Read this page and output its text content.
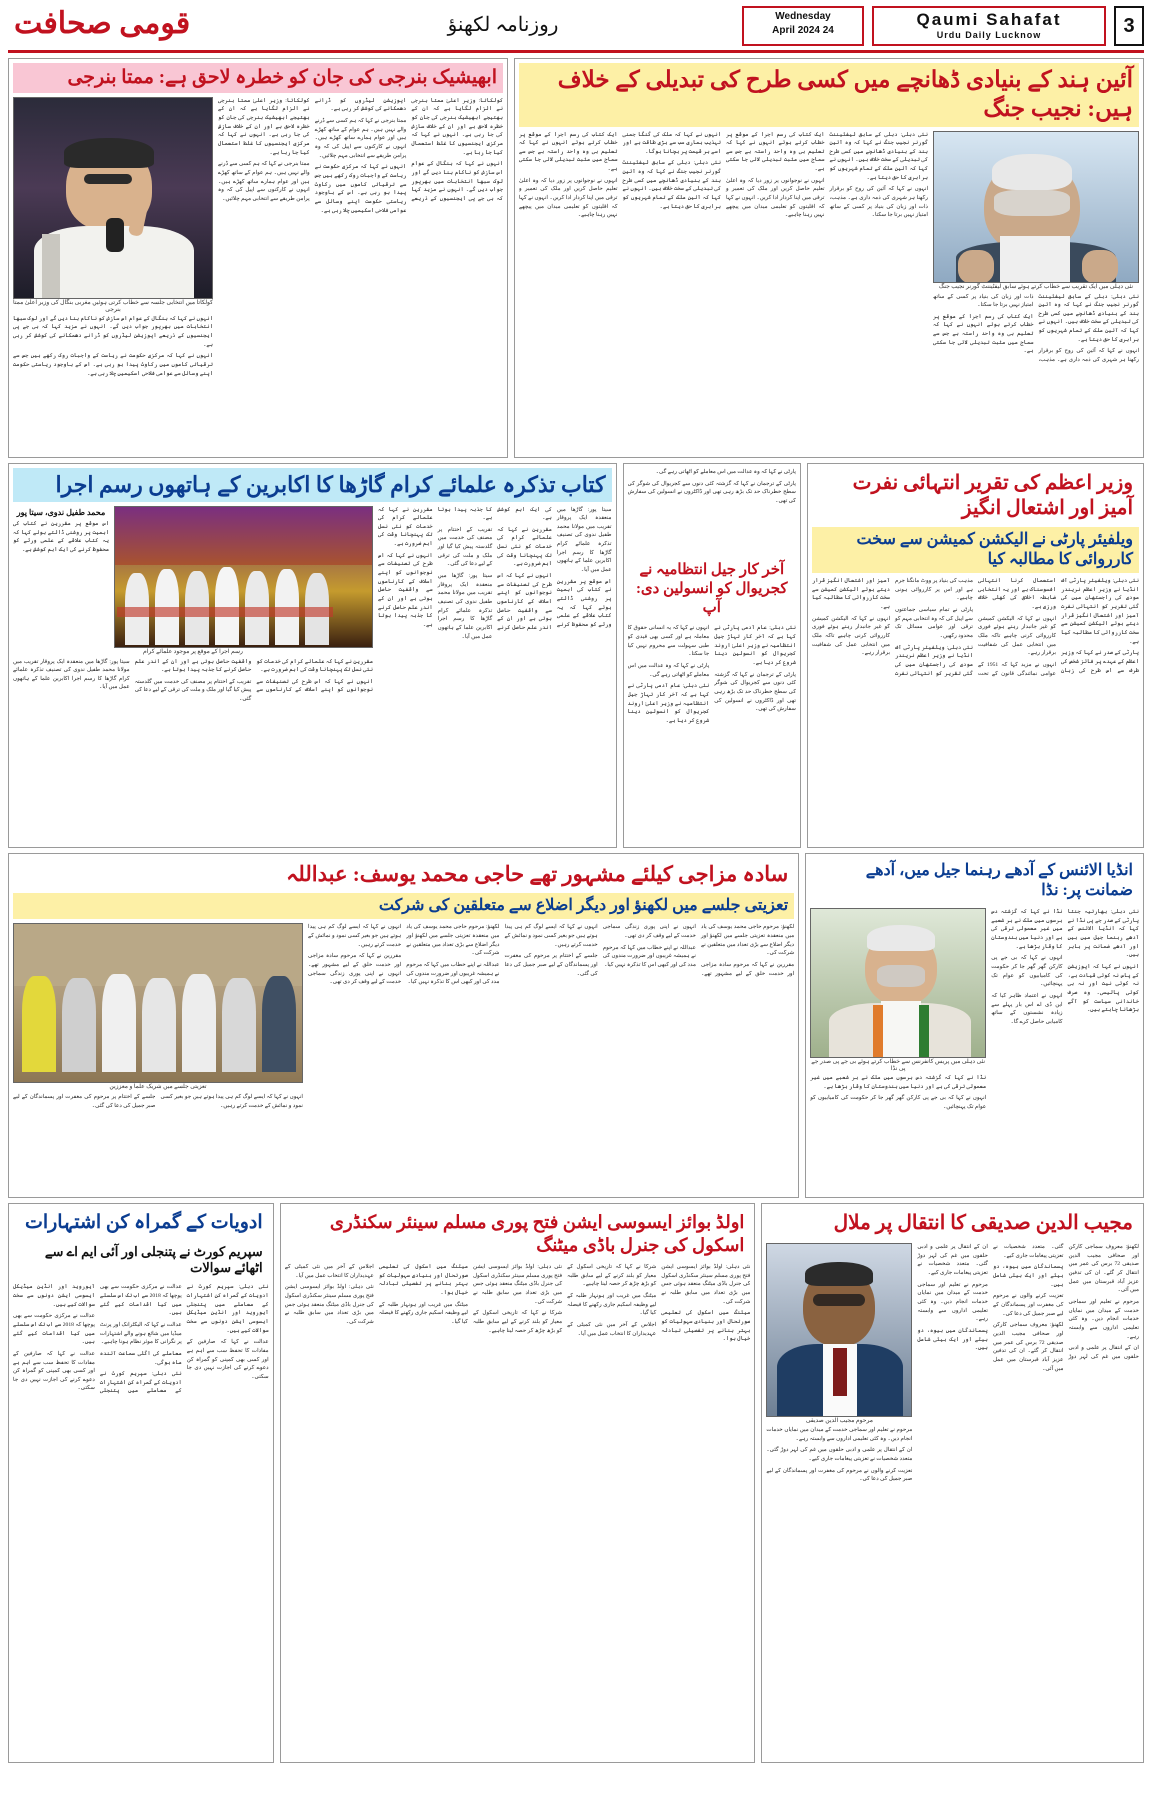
3
Qaumi Sahafat
Urdu Daily Lucknow
Wednesday
24 April 2024
روزنامہ لکھنؤ
قومی صحافت
آئین ہند کے بنیادی ڈھانچے میں کسی طرح کی تبدیلی کے خلاف ہیں: نجیب جنگ
نئی دہلی میں ایک تقریب سے خطاب کرتے ہوئے سابق لیفٹیننٹ گورنر نجیب جنگ

نئی دہلی: دہلی کے سابق لیفٹیننٹ گورنر نجیب جنگ نے کہا کہ وہ آئین ہند کے بنیادی ڈھانچے میں کسی طرح کی تبدیلی کے سخت خلاف ہیں۔ انہوں نے کہا کہ آئین ملک کے تمام شہریوں کو برابری کا حق دیتا ہے۔

انہوں نے کہا کہ آئین کی روح کو برقرار رکھنا ہر شہری کی ذمہ داری ہے۔ مذہب، ذات اور زبان کی بنیاد پر کسی کے ساتھ امتیاز نہیں برتا جا سکتا۔

ایک کتاب کی رسم اجرا کے موقع پر خطاب کرتے ہوئے انہوں نے کہا کہ تعلیم ہی وہ واحد راستہ ہے جس سے سماج میں مثبت تبدیلی لائی جا سکتی ہے۔

نئی دہلی: دہلی کے سابق لیفٹیننٹ گورنر نجیب جنگ نے کہا کہ وہ آئین ہند کے بنیادی ڈھانچے میں کسی طرح کی تبدیلی کے سخت خلاف ہیں۔ انہوں نے کہا کہ آئین ملک کے تمام شہریوں کو برابری کا حق دیتا ہے۔

انہوں نے کہا کہ آئین کی روح کو برقرار رکھنا ہر شہری کی ذمہ داری ہے۔ مذہب، ذات اور زبان کی بنیاد پر کسی کے ساتھ امتیاز نہیں برتا جا سکتا۔

ایک کتاب کی رسم اجرا کے موقع پر خطاب کرتے ہوئے انہوں نے کہا کہ تعلیم ہی وہ واحد راستہ ہے جس سے سماج میں مثبت تبدیلی لائی جا سکتی ہے۔

انہوں نے نوجوانوں پر زور دیا کہ وہ اعلیٰ تعلیم حاصل کریں اور ملک کی تعمیر و ترقی میں اپنا کردار ادا کریں۔ انہوں نے کہا کہ اقلیتوں کو تعلیمی میدان میں پیچھے نہیں رہنا چاہیے۔

انہوں نے کہا کہ ملک کی گنگا جمنی تہذیب ہماری سب سے بڑی طاقت ہے اور اسے ہر قیمت پر بچانا ہوگا۔

نئی دہلی: دہلی کے سابق لیفٹیننٹ گورنر نجیب جنگ نے کہا کہ وہ آئین ہند کے بنیادی ڈھانچے میں کسی طرح کی تبدیلی کے سخت خلاف ہیں۔ انہوں نے کہا کہ آئین ملک کے تمام شہریوں کو برابری کا حق دیتا ہے۔

ایک کتاب کی رسم اجرا کے موقع پر خطاب کرتے ہوئے انہوں نے کہا کہ تعلیم ہی وہ واحد راستہ ہے جس سے سماج میں مثبت تبدیلی لائی جا سکتی ہے۔

انہوں نے نوجوانوں پر زور دیا کہ وہ اعلیٰ تعلیم حاصل کریں اور ملک کی تعمیر و ترقی میں اپنا کردار ادا کریں۔ انہوں نے کہا کہ اقلیتوں کو تعلیمی میدان میں پیچھے نہیں رہنا چاہیے۔

ابھیشیک بنرجی کی جان کو خطرہ لاحق ہے: ممتا بنرجی

کولکاتا: وزیر اعلیٰ ممتا بنرجی نے الزام لگایا ہے کہ ان کے بھتیجے ابھیشیک بنرجی کی جان کو خطرہ لاحق ہے اور ان کے خلاف سازش کی جا رہی ہے۔ انہوں نے کہا کہ مرکزی ایجنسیوں کا غلط استعمال کیا جا رہا ہے۔

انہوں نے کہا کہ بنگال کے عوام اس سازش کو ناکام بنا دیں گے اور لوک سبھا انتخابات میں بھرپور جواب دیں گے۔ انہوں نے مزید کہا کہ بی جے پی ایجنسیوں کے ذریعے اپوزیشن لیڈروں کو ڈرانے دھمکانے کی کوشش کر رہی ہے۔

ممتا بنرجی نے کہا کہ ہم کسی سے ڈرنے والے نہیں ہیں۔ ہم عوام کے ساتھ کھڑے ہیں اور عوام ہمارے ساتھ کھڑے ہیں۔ انہوں نے کارکنوں سے اپیل کی کہ وہ پرامن طریقے سے انتخابی مہم چلائیں۔

انہوں نے کہا کہ مرکزی حکومت نے ریاست کے واجبات روک رکھے ہیں جس سے ترقیاتی کاموں میں رکاوٹ پیدا ہو رہی ہے۔ اس کے باوجود ریاستی حکومت اپنے وسائل سے عوامی فلاحی اسکیمیں چلا رہی ہے۔

کولکاتا: وزیر اعلیٰ ممتا بنرجی نے الزام لگایا ہے کہ ان کے بھتیجے ابھیشیک بنرجی کی جان کو خطرہ لاحق ہے اور ان کے خلاف سازش کی جا رہی ہے۔ انہوں نے کہا کہ مرکزی ایجنسیوں کا غلط استعمال کیا جا رہا ہے۔

ممتا بنرجی نے کہا کہ ہم کسی سے ڈرنے والے نہیں ہیں۔ ہم عوام کے ساتھ کھڑے ہیں اور عوام ہمارے ساتھ کھڑے ہیں۔ انہوں نے کارکنوں سے اپیل کی کہ وہ پرامن طریقے سے انتخابی مہم چلائیں۔

کولکاتا میں انتخابی جلسہ سے خطاب کرتی ہوئیں مغربی بنگال کی وزیر اعلیٰ ممتا بنرجی

انہوں نے کہا کہ بنگال کے عوام اس سازش کو ناکام بنا دیں گے اور لوک سبھا انتخابات میں بھرپور جواب دیں گے۔ انہوں نے مزید کہا کہ بی جے پی ایجنسیوں کے ذریعے اپوزیشن لیڈروں کو ڈرانے دھمکانے کی کوشش کر رہی ہے۔

انہوں نے کہا کہ مرکزی حکومت نے ریاست کے واجبات روک رکھے ہیں جس سے ترقیاتی کاموں میں رکاوٹ پیدا ہو رہی ہے۔ اس کے باوجود ریاستی حکومت اپنے وسائل سے عوامی فلاحی اسکیمیں چلا رہی ہے۔

وزیر اعظم کی تقریر انتہائی نفرت آمیز اور اشتعال انگیز
ویلفیئر پارٹی نے الیکشن کمیشن سے سخت کارروائی کا مطالبہ کیا

نئی دہلی: ویلفیئر پارٹی آف انڈیا نے وزیر اعظم نریندر مودی کی راجستھان میں کی گئی تقریر کو انتہائی نفرت آمیز اور اشتعال انگیز قرار دیتے ہوئے الیکشن کمیشن سے سخت کارروائی کا مطالبہ کیا ہے۔

پارٹی کے صدر نے کہا کہ وزیر اعظم کے عہدے پر فائز شخص کی طرف سے اس طرح کی زبان استعمال کرنا انتہائی افسوسناک ہے اور یہ انتخابی ضابطہ اخلاق کی کھلی خلاف ورزی ہے۔

انہوں نے کہا کہ الیکشن کمیشن کو غیر جانبدار رہتے ہوئے فوری کارروائی کرنی چاہیے تاکہ ملک میں انتخابی عمل کی شفافیت برقرار رہے۔

انہوں نے مزید کہا کہ 1951 کے عوامی نمائندگی قانون کے تحت مذہب کی بنیاد پر ووٹ مانگنا جرم ہے اور اس پر کارروائی ہونی چاہیے۔

پارٹی نے تمام سیاسی جماعتوں سے اپیل کی کہ وہ انتخابی مہم کو ترقی اور عوامی مسائل تک محدود رکھیں۔

نئی دہلی: ویلفیئر پارٹی آف انڈیا نے وزیر اعظم نریندر مودی کی راجستھان میں کی گئی تقریر کو انتہائی نفرت آمیز اور اشتعال انگیز قرار دیتے ہوئے الیکشن کمیشن سے سخت کارروائی کا مطالبہ کیا ہے۔

انہوں نے کہا کہ الیکشن کمیشن کو غیر جانبدار رہتے ہوئے فوری کارروائی کرنی چاہیے تاکہ ملک میں انتخابی عمل کی شفافیت برقرار رہے۔

پارٹی نے کہا کہ وہ عدالت میں اس معاملے کو اٹھاتی رہے گی۔

پارٹی کے ترجمان نے کہا کہ گزشتہ کئی دنوں سے کجریوال کی شوگر کی سطح خطرناک حد تک بڑھ رہی تھی اور ڈاکٹروں نے انسولین کی سفارش کی تھی۔

آخر کار جیل انتظامیہ نے کجریوال کو انسولین دی: آپ

نئی دہلی: عام آدمی پارٹی نے کہا ہے کہ آخر کار تہاڑ جیل انتظامیہ نے وزیر اعلیٰ اروند کجریوال کو انسولین دینا شروع کر دیا ہے۔

پارٹی کے ترجمان نے کہا کہ گزشتہ کئی دنوں سے کجریوال کی شوگر کی سطح خطرناک حد تک بڑھ رہی تھی اور ڈاکٹروں نے انسولین کی سفارش کی تھی۔

انہوں نے کہا کہ یہ انسانی حقوق کا معاملہ ہے اور کسی بھی قیدی کو طبی سہولت سے محروم نہیں کیا جا سکتا۔

پارٹی نے کہا کہ وہ عدالت میں اس معاملے کو اٹھاتی رہے گی۔

نئی دہلی: عام آدمی پارٹی نے کہا ہے کہ آخر کار تہاڑ جیل انتظامیہ نے وزیر اعلیٰ اروند کجریوال کو انسولین دینا شروع کر دیا ہے۔

کتاب تذکرہ علمائے کرام گاڑھا کا اکابرین کے ہاتھوں رسم اجرا

سیتا پور: گاڑھا میں منعقدہ ایک پروقار تقریب میں مولانا محمد طفیل ندوی کی تصنیف تذکرہ علمائے کرام گاڑھا کا رسم اجرا اکابرین علما کے ہاتھوں عمل میں آیا۔

اس موقع پر مقررین نے کتاب کی اہمیت پر روشنی ڈالتے ہوئے کہا کہ یہ کتاب علاقے کے علمی ورثے کو محفوظ کرنے کی ایک اہم کوشش ہے۔

مقررین نے کہا کہ علمائے کرام کی خدمات کو نئی نسل تک پہنچانا وقت کی اہم ضرورت ہے۔

انہوں نے کہا کہ اس طرح کی تصنیفات سے نوجوانوں کو اپنے اسلاف کے کارناموں سے واقفیت حاصل ہوتی ہے اور ان کے اندر علم حاصل کرنے کا جذبہ پیدا ہوتا ہے۔

تقریب کے اختتام پر مصنف کی خدمت میں گلدستہ پیش کیا گیا اور ملک و ملت کی ترقی کے لیے دعا کی گئی۔

سیتا پور: گاڑھا میں منعقدہ ایک پروقار تقریب میں مولانا محمد طفیل ندوی کی تصنیف تذکرہ علمائے کرام گاڑھا کا رسم اجرا اکابرین علما کے ہاتھوں عمل میں آیا۔

مقررین نے کہا کہ علمائے کرام کی خدمات کو نئی نسل تک پہنچانا وقت کی اہم ضرورت ہے۔

انہوں نے کہا کہ اس طرح کی تصنیفات سے نوجوانوں کو اپنے اسلاف کے کارناموں سے واقفیت حاصل ہوتی ہے اور ان کے اندر علم حاصل کرنے کا جذبہ پیدا ہوتا ہے۔

محمد طفیل ندوی، سیتا پور

اس موقع پر مقررین نے کتاب کی اہمیت پر روشنی ڈالتے ہوئے کہا کہ یہ کتاب علاقے کے علمی ورثے کو محفوظ کرنے کی ایک اہم کوشش ہے۔

رسم اجرا کے موقع پر موجود علمائے کرام

مقررین نے کہا کہ علمائے کرام کی خدمات کو نئی نسل تک پہنچانا وقت کی اہم ضرورت ہے۔

انہوں نے کہا کہ اس طرح کی تصنیفات سے نوجوانوں کو اپنے اسلاف کے کارناموں سے واقفیت حاصل ہوتی ہے اور ان کے اندر علم حاصل کرنے کا جذبہ پیدا ہوتا ہے۔

تقریب کے اختتام پر مصنف کی خدمت میں گلدستہ پیش کیا گیا اور ملک و ملت کی ترقی کے لیے دعا کی گئی۔

سیتا پور: گاڑھا میں منعقدہ ایک پروقار تقریب میں مولانا محمد طفیل ندوی کی تصنیف تذکرہ علمائے کرام گاڑھا کا رسم اجرا اکابرین علما کے ہاتھوں عمل میں آیا۔

انڈیا الائنس کے آدھے رہنما جیل میں، آدھے ضمانت پر: نڈا

نئی دہلی: بھارتیہ جنتا پارٹی کے صدر جے پی نڈا نے کہا کہ انڈیا الائنس کے آدھے رہنما جیل میں ہیں اور آدھے ضمانت پر باہر ہیں۔

انہوں نے کہا کہ اپوزیشن کے پاس نہ کوئی قیادت ہے، نہ کوئی نیت اور نہ ہی کوئی پالیسی۔ وہ صرف خاندانی سیاست کو آگے بڑھانا چاہتے ہیں۔

نڈا نے کہا کہ گزشتہ دس برسوں میں ملک نے ہر شعبے میں غیر معمولی ترقی کی ہے اور دنیا میں ہندوستان کا وقار بڑھا ہے۔

انہوں نے کہا کہ بی جے پی کارکن گھر گھر جا کر حکومت کی کامیابیوں کو عوام تک پہنچائیں۔

انہوں نے اعتماد ظاہر کیا کہ این ڈی اے اس بار پہلے سے زیادہ نشستوں کے ساتھ کامیابی حاصل کرے گا۔

نئی دہلی میں پریس کانفرنس سے خطاب کرتے ہوئے بی جے پی صدر جے پی نڈا

نڈا نے کہا کہ گزشتہ دس برسوں میں ملک نے ہر شعبے میں غیر معمولی ترقی کی ہے اور دنیا میں ہندوستان کا وقار بڑھا ہے۔

انہوں نے کہا کہ بی جے پی کارکن گھر گھر جا کر حکومت کی کامیابیوں کو عوام تک پہنچائیں۔

سادہ مزاجی کیلئے مشہور تھے حاجی محمد یوسف: عبداللہ
تعزیتی جلسے میں لکھنؤ اور دیگر اضلاع سے متعلقین کی شرکت

لکھنؤ: مرحوم حاجی محمد یوسف کی یاد میں منعقدہ تعزیتی جلسے میں لکھنؤ اور دیگر اضلاع سے بڑی تعداد میں متعلقین نے شرکت کی۔

مقررین نے کہا کہ مرحوم سادہ مزاجی اور خدمت خلق کے لیے مشہور تھے۔ انہوں نے اپنی پوری زندگی سماجی خدمت کے لیے وقف کر دی تھی۔

عبداللہ نے اپنے خطاب میں کہا کہ مرحوم نے ہمیشہ غریبوں اور ضرورت مندوں کی مدد کی اور کبھی اس کا تذکرہ نہیں کیا۔

انہوں نے کہا کہ ایسے لوگ کم ہی پیدا ہوتے ہیں جو بغیر کسی نمود و نمائش کے خدمت کرتے رہیں۔

جلسے کے اختتام پر مرحوم کی مغفرت اور پسماندگان کے لیے صبر جمیل کی دعا کی گئی۔

لکھنؤ: مرحوم حاجی محمد یوسف کی یاد میں منعقدہ تعزیتی جلسے میں لکھنؤ اور دیگر اضلاع سے بڑی تعداد میں متعلقین نے شرکت کی۔

عبداللہ نے اپنے خطاب میں کہا کہ مرحوم نے ہمیشہ غریبوں اور ضرورت مندوں کی مدد کی اور کبھی اس کا تذکرہ نہیں کیا۔

انہوں نے کہا کہ ایسے لوگ کم ہی پیدا ہوتے ہیں جو بغیر کسی نمود و نمائش کے خدمت کرتے رہیں۔

مقررین نے کہا کہ مرحوم سادہ مزاجی اور خدمت خلق کے لیے مشہور تھے۔ انہوں نے اپنی پوری زندگی سماجی خدمت کے لیے وقف کر دی تھی۔

تعزیتی جلسے میں شریک علما و معززین

انہوں نے کہا کہ ایسے لوگ کم ہی پیدا ہوتے ہیں جو بغیر کسی نمود و نمائش کے خدمت کرتے رہیں۔

جلسے کے اختتام پر مرحوم کی مغفرت اور پسماندگان کے لیے صبر جمیل کی دعا کی گئی۔

مجیب الدین صدیقی کا انتقال پر ملال

لکھنؤ: معروف سماجی کارکن اور صحافی مجیب الدین صدیقی 72 برس کی عمر میں انتقال کر گئے۔ ان کی تدفین عزیز آباد قبرستان میں عمل میں آئی۔

مرحوم نے تعلیم اور سماجی خدمت کے میدان میں نمایاں خدمات انجام دیں۔ وہ کئی تعلیمی اداروں سے وابستہ رہے۔

ان کے انتقال پر علمی و ادبی حلقوں میں غم کی لہر دوڑ گئی۔ متعدد شخصیات نے تعزیتی پیغامات جاری کیے۔

پسماندگان میں بیوہ، دو بیٹے اور ایک بیٹی شامل ہیں۔

تعزیت کرنے والوں نے مرحوم کی مغفرت اور پسماندگان کے لیے صبر جمیل کی دعا کی۔

لکھنؤ: معروف سماجی کارکن اور صحافی مجیب الدین صدیقی 72 برس کی عمر میں انتقال کر گئے۔ ان کی تدفین عزیز آباد قبرستان میں عمل میں آئی۔

ان کے انتقال پر علمی و ادبی حلقوں میں غم کی لہر دوڑ گئی۔ متعدد شخصیات نے تعزیتی پیغامات جاری کیے۔

مرحوم نے تعلیم اور سماجی خدمت کے میدان میں نمایاں خدمات انجام دیں۔ وہ کئی تعلیمی اداروں سے وابستہ رہے۔

پسماندگان میں بیوہ، دو بیٹے اور ایک بیٹی شامل ہیں۔

مرحوم مجیب الدین صدیقی

مرحوم نے تعلیم اور سماجی خدمت کے میدان میں نمایاں خدمات انجام دیں۔ وہ کئی تعلیمی اداروں سے وابستہ رہے۔

ان کے انتقال پر علمی و ادبی حلقوں میں غم کی لہر دوڑ گئی۔ متعدد شخصیات نے تعزیتی پیغامات جاری کیے۔

تعزیت کرنے والوں نے مرحوم کی مغفرت اور پسماندگان کے لیے صبر جمیل کی دعا کی۔

اولڈ بوائز ایسوسی ایشن فتح پوری مسلم سینئر سکنڈری اسکول کی جنرل باڈی میٹنگ

نئی دہلی: اولڈ بوائز ایسوسی ایشن فتح پوری مسلم سینئر سکنڈری اسکول کی جنرل باڈی میٹنگ منعقد ہوئی جس میں بڑی تعداد میں سابق طلبہ نے شرکت کی۔

میٹنگ میں اسکول کی تعلیمی صورتحال اور بنیادی سہولیات کو بہتر بنانے پر تفصیلی تبادلہ خیال ہوا۔

شرکا نے کہا کہ تاریخی اسکول کے معیار کو بلند کرنے کے لیے سابق طلبہ کو بڑھ چڑھ کر حصہ لینا چاہیے۔

میٹنگ میں غریب اور ہونہار طلبہ کے لیے وظیفہ اسکیم جاری رکھنے کا فیصلہ کیا گیا۔

اجلاس کے آخر میں نئی کمیٹی کے عہدیداران کا انتخاب عمل میں آیا۔

نئی دہلی: اولڈ بوائز ایسوسی ایشن فتح پوری مسلم سینئر سکنڈری اسکول کی جنرل باڈی میٹنگ منعقد ہوئی جس میں بڑی تعداد میں سابق طلبہ نے شرکت کی۔

شرکا نے کہا کہ تاریخی اسکول کے معیار کو بلند کرنے کے لیے سابق طلبہ کو بڑھ چڑھ کر حصہ لینا چاہیے۔

میٹنگ میں اسکول کی تعلیمی صورتحال اور بنیادی سہولیات کو بہتر بنانے پر تفصیلی تبادلہ خیال ہوا۔

میٹنگ میں غریب اور ہونہار طلبہ کے لیے وظیفہ اسکیم جاری رکھنے کا فیصلہ کیا گیا۔

اجلاس کے آخر میں نئی کمیٹی کے عہدیداران کا انتخاب عمل میں آیا۔

نئی دہلی: اولڈ بوائز ایسوسی ایشن فتح پوری مسلم سینئر سکنڈری اسکول کی جنرل باڈی میٹنگ منعقد ہوئی جس میں بڑی تعداد میں سابق طلبہ نے شرکت کی۔

ادویات کے گمراہ کن اشتہارات
سپریم کورٹ نے پتنجلی اور آئی ایم اے سے اٹھائے سوالات

نئی دہلی: سپریم کورٹ نے ادویات کے گمراہ کن اشتہارات کے معاملے میں پتنجلی آیوروید اور انڈین میڈیکل ایسوسی ایشن دونوں سے سخت سوالات کیے ہیں۔

عدالت نے کہا کہ صارفین کے مفادات کا تحفظ سب سے اہم ہے اور کسی بھی کمپنی کو گمراہ کن دعوے کرنے کی اجازت نہیں دی جا سکتی۔

عدالت نے مرکزی حکومت سے بھی پوچھا کہ 2018 سے اب تک اس سلسلے میں کیا اقدامات کیے گئے ہیں۔

عدالت نے کہا کہ الیکٹرانک اور پرنٹ میڈیا میں شائع ہونے والے اشتہارات پر نگرانی کا موثر نظام ہونا چاہیے۔

معاملے کی اگلی سماعت آئندہ ماہ ہوگی۔

نئی دہلی: سپریم کورٹ نے ادویات کے گمراہ کن اشتہارات کے معاملے میں پتنجلی آیوروید اور انڈین میڈیکل ایسوسی ایشن دونوں سے سخت سوالات کیے ہیں۔

عدالت نے مرکزی حکومت سے بھی پوچھا کہ 2018 سے اب تک اس سلسلے میں کیا اقدامات کیے گئے ہیں۔

عدالت نے کہا کہ صارفین کے مفادات کا تحفظ سب سے اہم ہے اور کسی بھی کمپنی کو گمراہ کن دعوے کرنے کی اجازت نہیں دی جا سکتی۔
